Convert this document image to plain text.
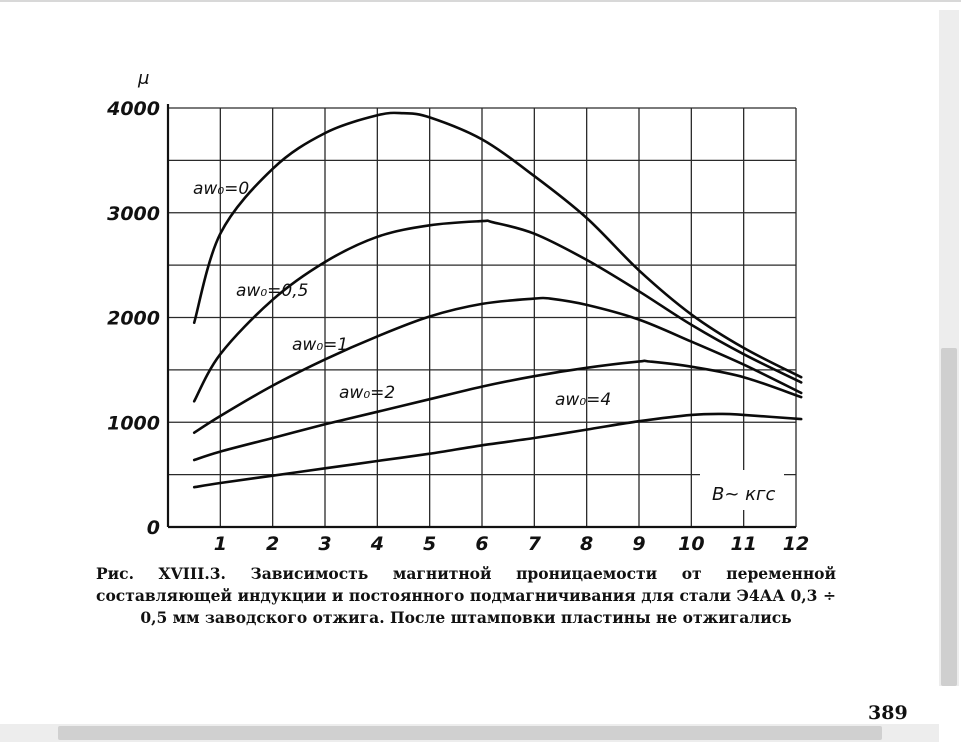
1 2 3 4 5 6 7 8 9 10 11 12
0
1000
2000
3000
4000
μ
B~ кгс
aw₀=0
aw₀=0,5
aw₀=1
aw₀=2	aw₀=4
Рис. XVIII.3. Зависимость магнитной проницаемости от переменной составляющей индукции и постоянного подмагничивания для стали Э4АА 0,3 ÷ 0,5 мм заводского отжига. После штамповки пластины не отжигались
389
